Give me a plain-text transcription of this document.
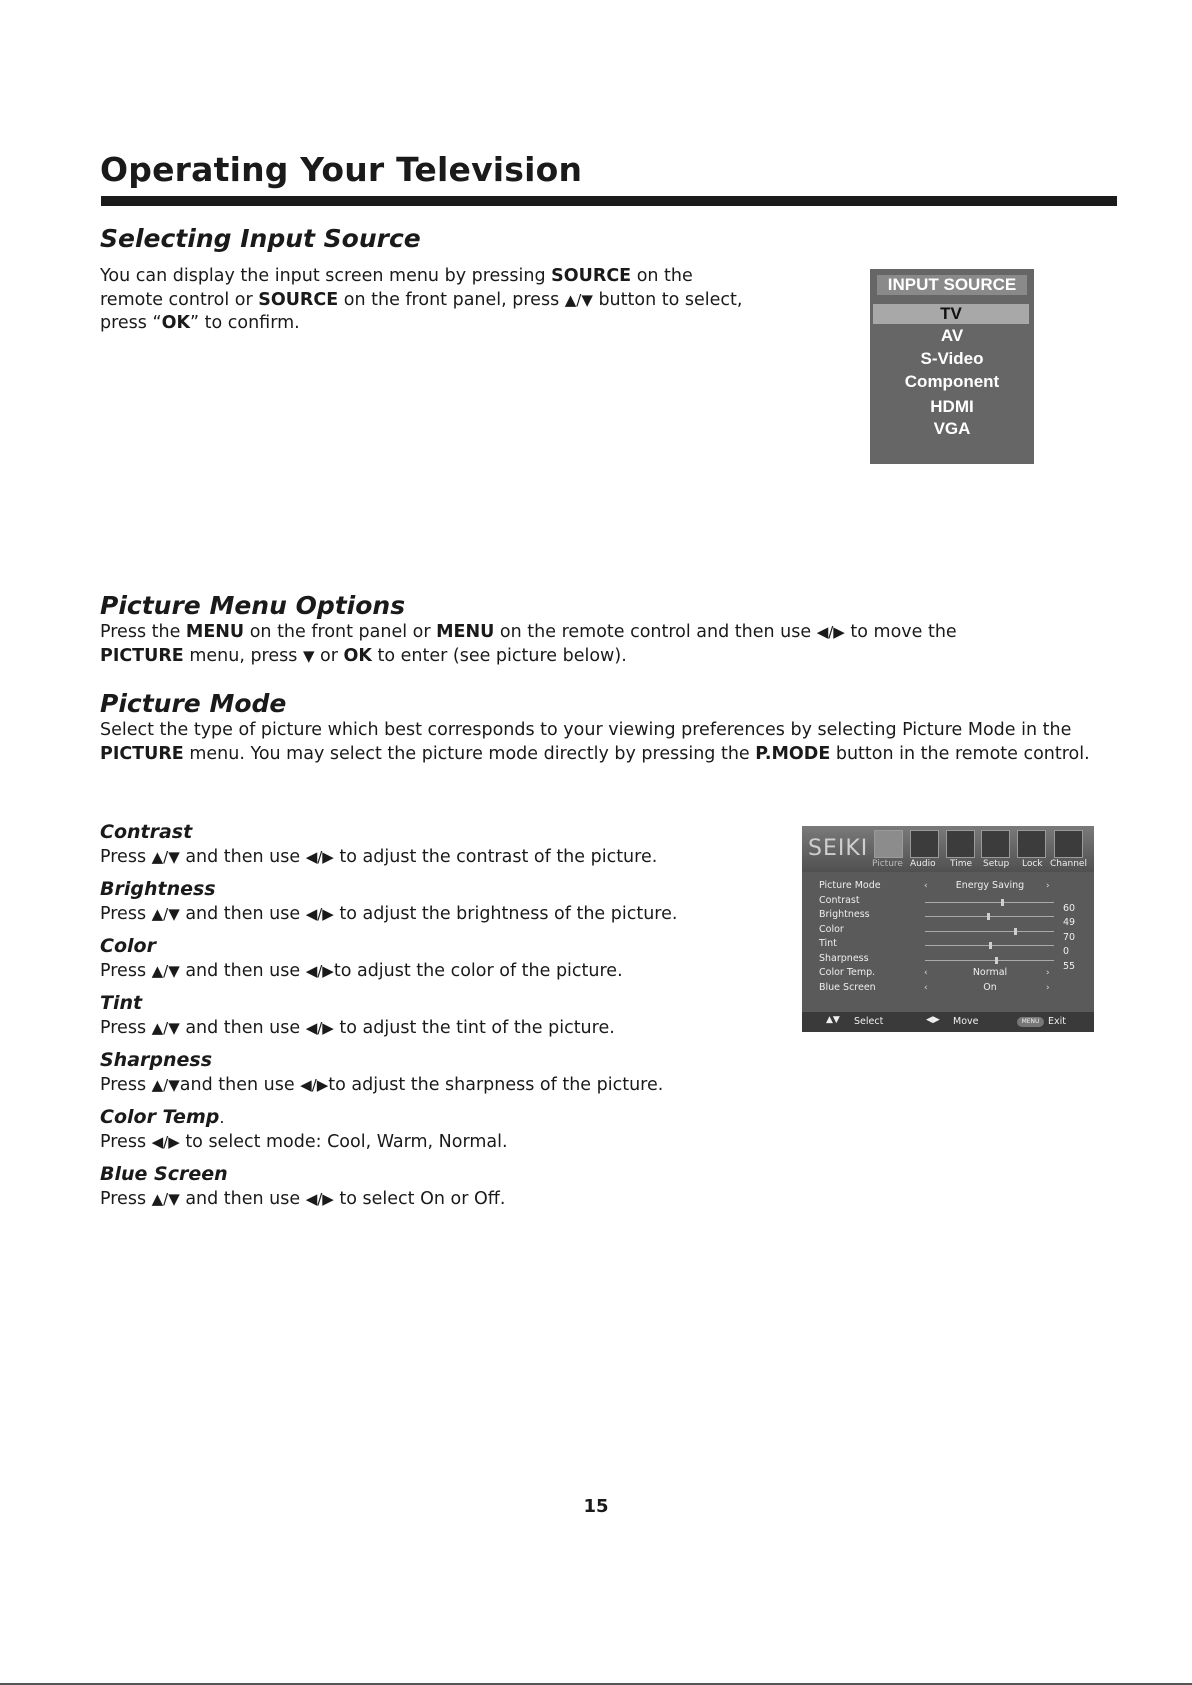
Operating Your Television
Selecting Input Source
You can display the input screen menu by pressing SOURCE on the remote control or SOURCE on the front panel, press ▲/▼ button to select, press “OK” to confirm.
INPUT SOURCE
TV
AV
S-Video
Component
HDMI
VGA
Picture Menu Options
Press the MENU on the front panel or MENU on the remote control and then use ◀/▶ to move the
PICTURE menu, press ▼ or OK to enter (see picture below).
Picture Mode
Select the type of picture which best corresponds to your viewing preferences by selecting Picture Mode in the PICTURE menu. You may select the picture mode directly by pressing the P.MODE button in the remote control.
Contrast
Press ▲/▼ and then use ◀/▶ to adjust the contrast of the picture.
Brightness
Press ▲/▼ and then use ◀/▶ to adjust the brightness of the picture.
Color
Press ▲/▼ and then use ◀/▶to adjust the color of the picture.
Tint
Press ▲/▼ and then use ◀/▶ to adjust the tint of the picture.
Sharpness
Press ▲/▼and then use ◀/▶to adjust the sharpness of the picture.
Color Temp.
Press ◀/▶ to select mode: Cool, Warm, Normal.
Blue Screen
Press ▲/▼ and then use ◀/▶ to select On or Off.
SEIKI
Picture Audio Time Setup Lock Channel
Picture Mode	‹	Energy Saving	›
Contrast
60
Brightness
49
Color
70
Tint
0
Sharpness
55
Color Temp.	‹	Normal	›
Blue Screen	‹	On	›
▲▼ Select	◀▶ Move	MENU Exit
15
